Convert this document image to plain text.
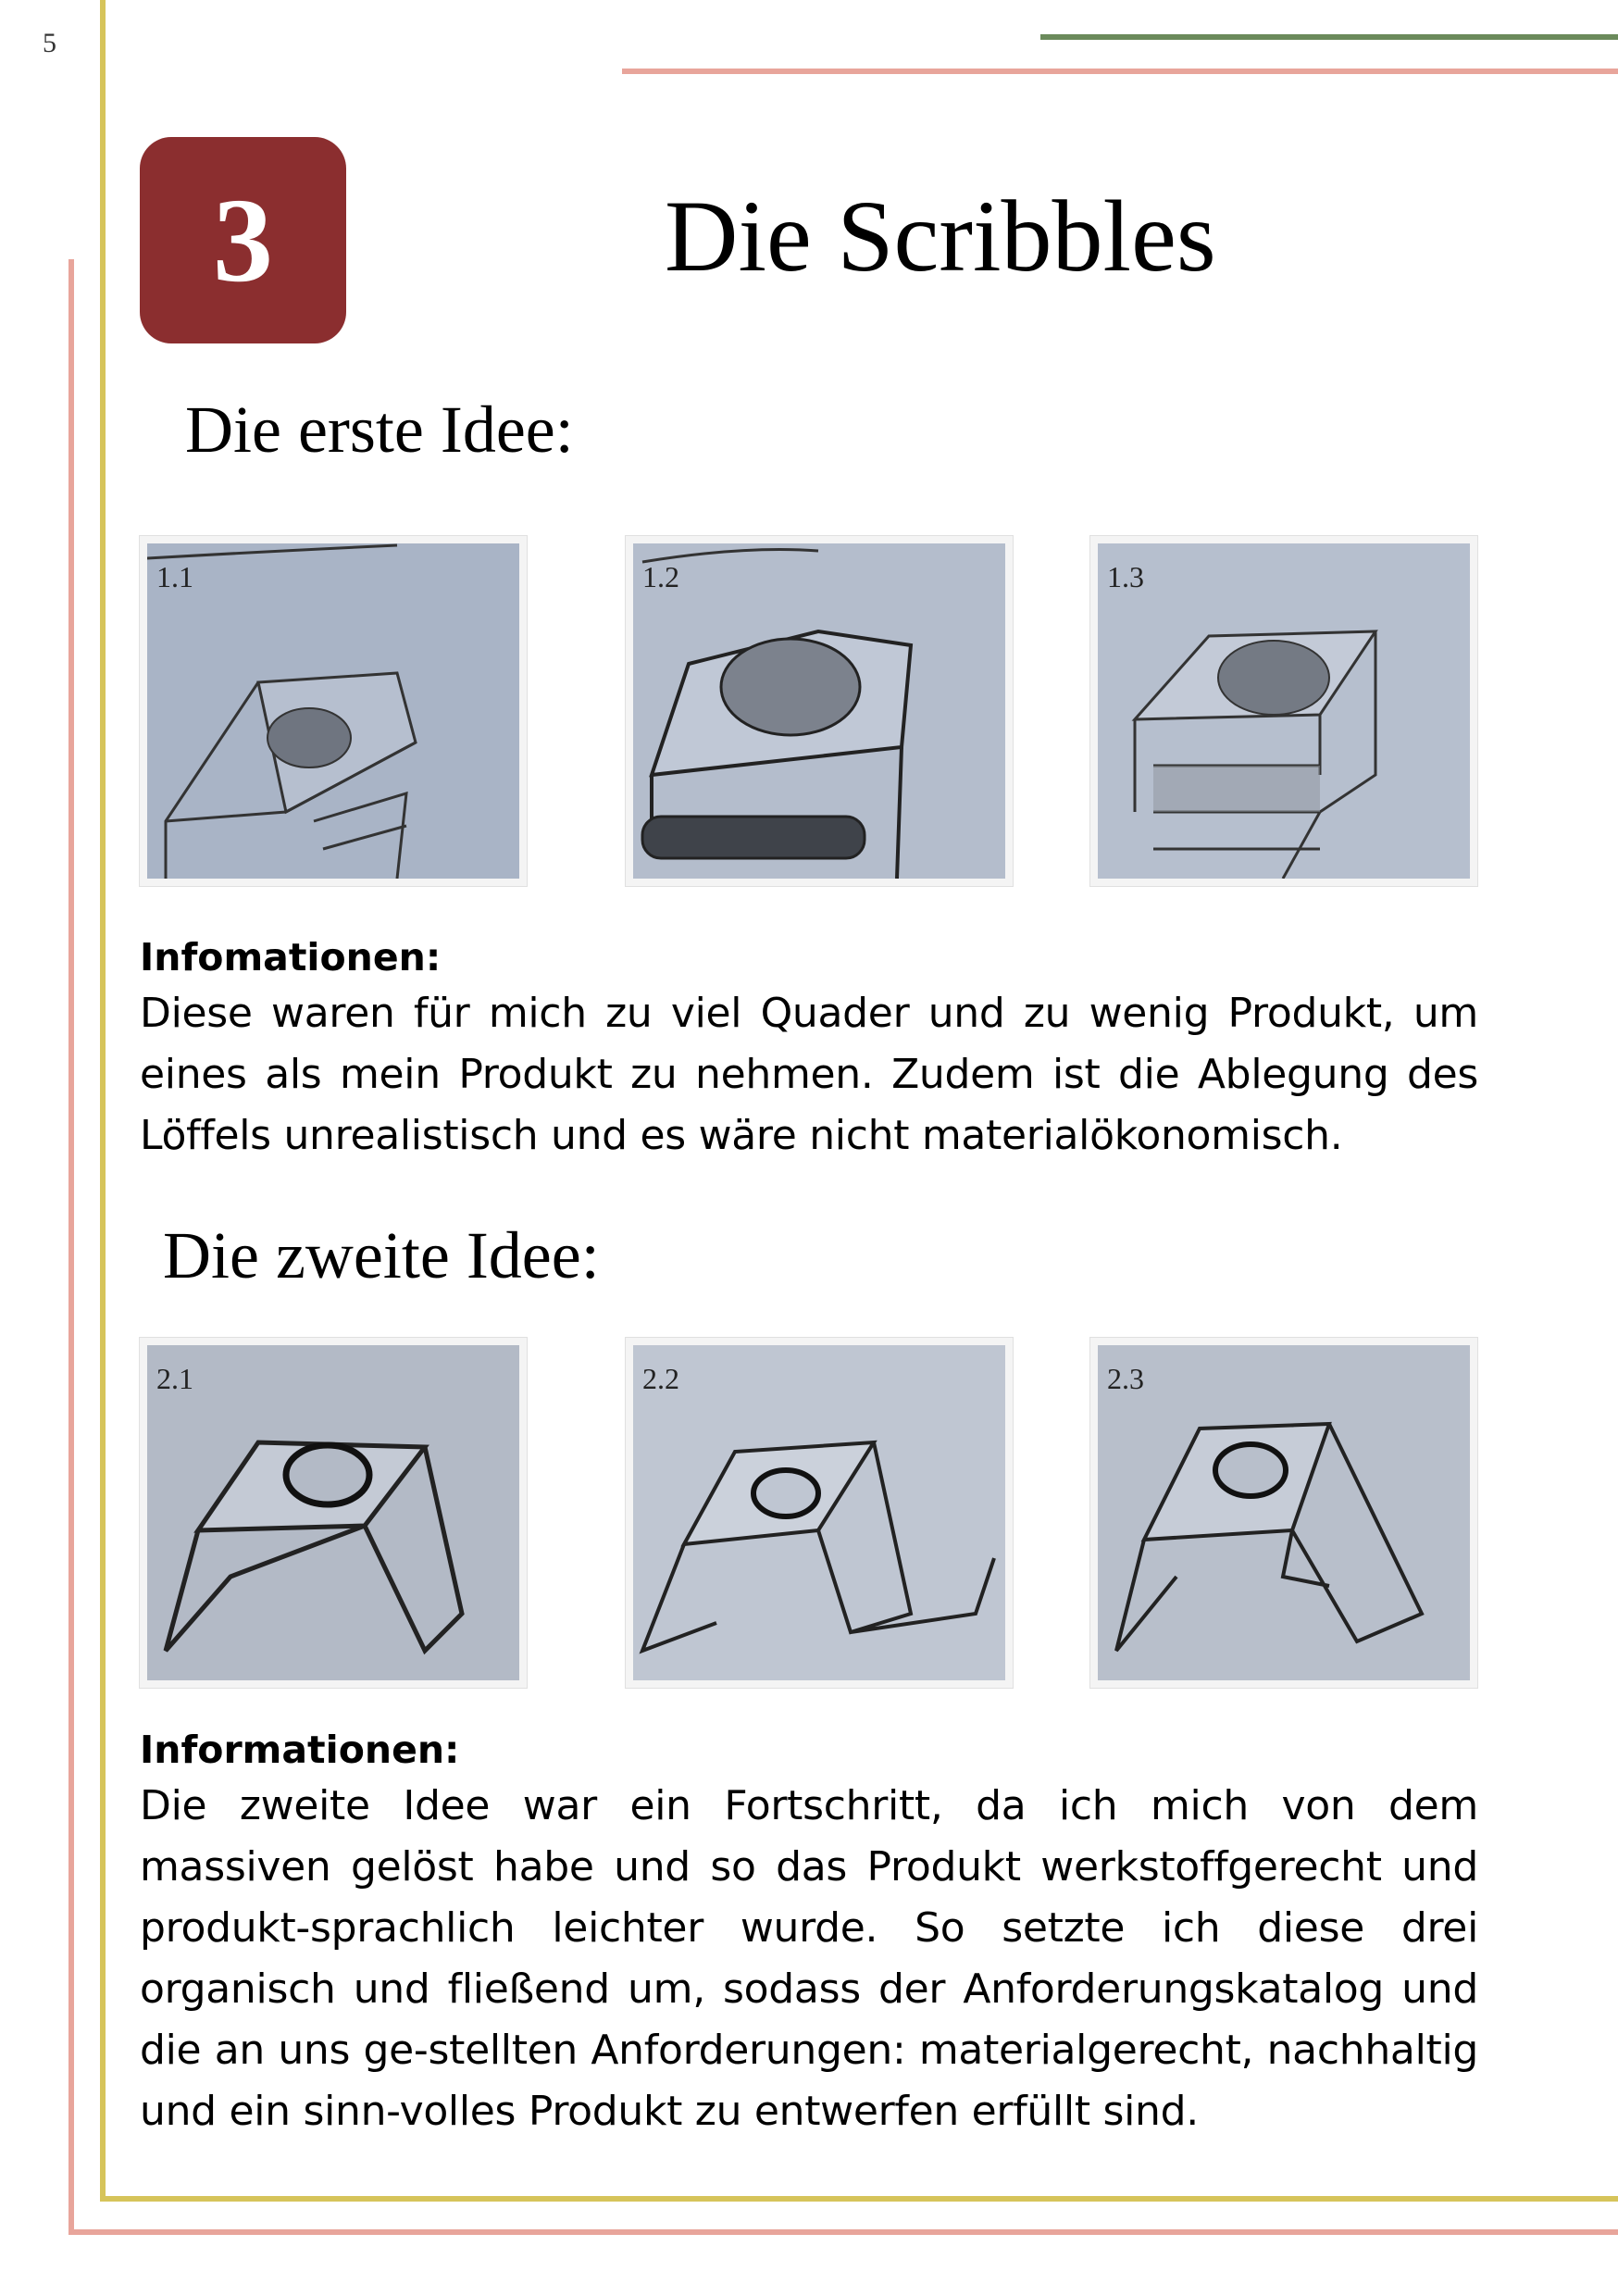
5
3	Die Scribbles
Die erste Idee:
1.1	1.2	1.3
Infomationen:
Diese waren für mich zu viel Quader und zu wenig Produkt, um eines als mein Produkt zu nehmen. Zudem ist die Ablegung des Löffels unrealistisch und es wäre nicht materialökonomisch.
Die zweite Idee:
2.1	2.2	2.3
Informationen:
Die zweite Idee war ein Fortschritt, da ich mich von dem massiven gelöst habe und so das Produkt werkstoffgerecht und produkt-sprachlich leichter wurde. So setzte ich diese drei organisch und fließend um, sodass der Anforderungskatalog und die an uns ge-stellten Anforderungen: materialgerecht, nachhaltig und ein sinn-volles Produkt zu entwerfen erfüllt sind.
